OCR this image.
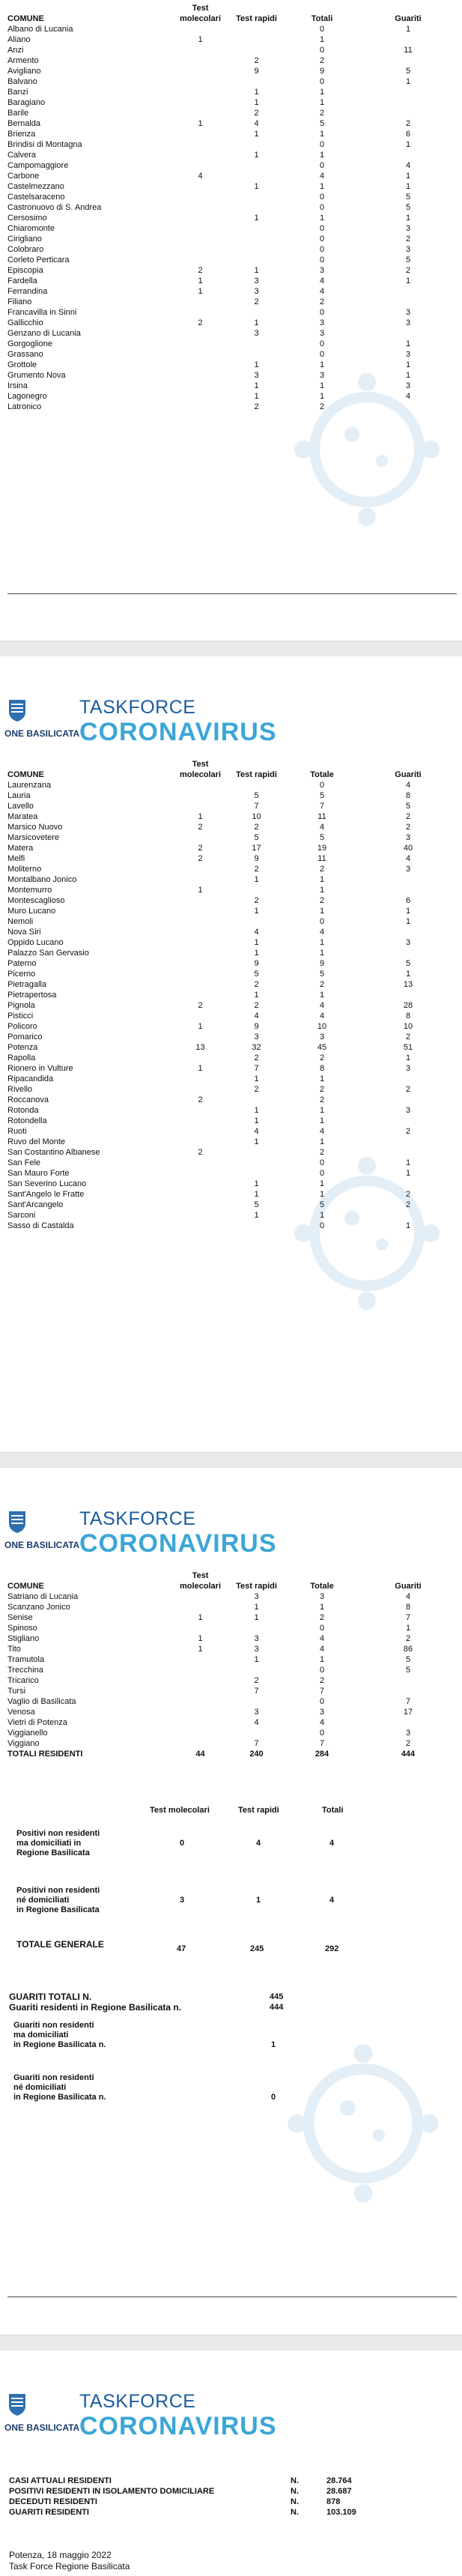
COMUNE	Test molecolari	Test rapidi	Totali	Guariti
Albano di Lucania			0	1
Aliano	1		1	
Anzi			0	11
Armento		2	2	
Avigliano		9	9	5
Balvano			0	1
Banzi		1	1	
Baragiano		1	1	
Barile		2	2	
Bernalda	1	4	5	2
Brienza		1	1	6
Brindisi di Montagna			0	1
Calvera		1	1	
Campomaggiore			0	4
Carbone	4		4	1
Castelmezzano		1	1	1
Castelsaraceno			0	5
Castronuovo di S. Andrea			0	5
Cersosimo		1	1	1
Chiaromonte			0	3
Cirigliano			0	2
Colobraro			0	3
Corleto Perticara			0	5
Episcopia	2	1	3	2
Fardella	1	3	4	1
Ferrandina	1	3	4	
Filiano		2	2	
Francavilla in Sinni			0	3
Gallicchio	2	1	3	3
Genzano di Lucania		3	3	
Gorgoglione			0	1
Grassano			0	3
Grottole		1	1	1
Grumento Nova		3	3	1
Irsina		1	1	3
Lagonegro		1	1	4
Latronico		2	2	
TASKFORCE
CORONAVIRUS
ONE BASILICATA
COMUNE	Test molecolari	Test rapidi	Totale	Guariti
Laurenzana			0	4
Lauria		5	5	8
Lavello		7	7	5
Maratea	1	10	11	2
Marsico Nuovo	2	2	4	2
Marsicovetere		5	5	3
Matera	2	17	19	40
Melfi	2	9	11	4
Moliterno		2	2	3
Montalbano Jonico		1	1	
Montemurro	1		1	
Montescaglioso		2	2	6
Muro Lucano		1	1	1
Nemoli			0	1
Nova Siri		4	4	
Oppido Lucano		1	1	3
Palazzo San Gervasio		1	1	
Paterno		9	9	5
Picerno		5	5	1
Pietragalla		2	2	13
Pietrapertosa		1	1	
Pignola	2	2	4	28
Pisticci		4	4	8
Policoro	1	9	10	10
Pomarico		3	3	2
Potenza	13	32	45	51
Rapolla		2	2	1
Rionero in Vulture	1	7	8	3
Ripacandida		1	1	
Rivello		2	2	2
Roccanova	2		2	
Rotonda		1	1	3
Rotondella		1	1	
Ruoti		4	4	2
Ruvo del Monte		1	1	
San Costantino Albanese	2		2	
San Fele			0	1
San Mauro Forte			0	1
San Severino Lucano		1	1	
Sant'Angelo le Fratte		1	1	2
Sant'Arcangelo		5	5	2
Sarconi		1	1	
Sasso di Castalda			0	1
TASKFORCE
CORONAVIRUS
ONE BASILICATA
COMUNE	Test molecolari	Test rapidi	Totale	Guariti
Satriano di Lucania		3	3	4
Scanzano Jonico		1	1	8
Senise	1	1	2	7
Spinoso			0	1
Stigliano	1	3	4	2
Tito	1	3	4	86
Tramutola		1	1	5
Trecchina			0	5
Tricarico		2	2	
Tursi		7	7	
Vaglio di Basilicata			0	7
Venosa		3	3	17
Vietri di Potenza		4	4	
Viggianello			0	3
Viggiano		7	7	2
TOTALI RESIDENTI	44	240	284	444
Test molecolari	Test rapidi	Totali
Positivi non residenti
ma domiciliati in
Regione Basilicata
0	4	4
Positivi non residenti
né domiciliati
in Regione Basilicata
3	1	4
TOTALE GENERALE	47	245	292
GUARITI TOTALI N.	445
Guariti residenti in Regione Basilicata n.	444
Guariti non residenti
ma domiciliati
in Regione Basilicata n.	1
Guariti non residenti
né domiciliati
in Regione Basilicata n.	0
TASKFORCE
CORONAVIRUS
ONE BASILICATA
CASI ATTUALI RESIDENTI	N.	28.764
POSITIVI RESIDENTI IN ISOLAMENTO DOMICILIARE	N.	28.687
DECEDUTI RESIDENTI	N.	878
GUARITI RESIDENTI	N.	103.109
Potenza, 18 maggio 2022
Task Force Regione Basilicata
